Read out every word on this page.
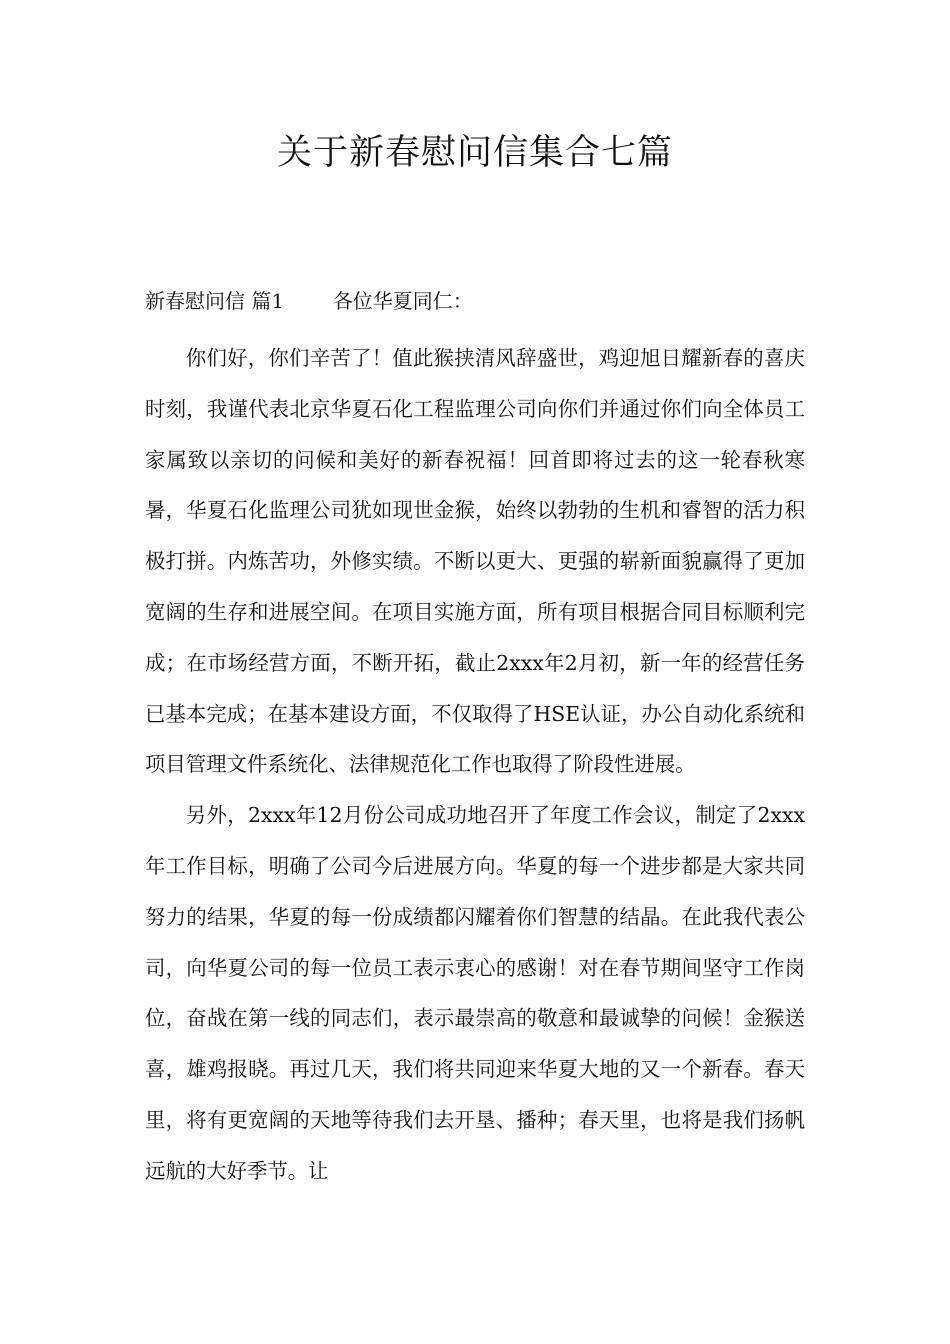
关于新春慰问信集合七篇
新春慰问信 篇1 各位华夏同仁：

你们好，你们辛苦了！值此猴挟清风辞盛世，鸡迎旭日耀新春的喜庆时刻，我谨代表北京华夏石化工程监理公司向你们并通过你们向全体员工家属致以亲切的问候和美好的新春祝福！回首即将过去的这一轮春秋寒暑，华夏石化监理公司犹如现世金猴，始终以勃勃的生机和睿智的活力积极打拼。内炼苦功，外修实绩。不断以更大、更强的崭新面貌赢得了更加宽阔的生存和进展空间。在项目实施方面，所有项目根据合同目标顺利完成；在市场经营方面，不断开拓，截止2xxx年2月初，新一年的经营任务已基本完成；在基本建设方面，不仅取得了HSE认证，办公自动化系统和项目管理文件系统化、法律规范化工作也取得了阶段性进展。

另外，2xxx年12月份公司成功地召开了年度工作会议，制定了2xxx年工作目标，明确了公司今后进展方向。华夏的每一个进步都是大家共同努力的结果，华夏的每一份成绩都闪耀着你们智慧的结晶。在此我代表公司，向华夏公司的每一位员工表示衷心的感谢！对在春节期间坚守工作岗位，奋战在第一线的同志们，表示最崇高的敬意和最诚挚的问候！金猴送喜，雄鸡报晓。再过几天，我们将共同迎来华夏大地的又一个新春。春天里，将有更宽阔的天地等待我们去开垦、播种；春天里，也将是我们扬帆远航的大好季节。让
